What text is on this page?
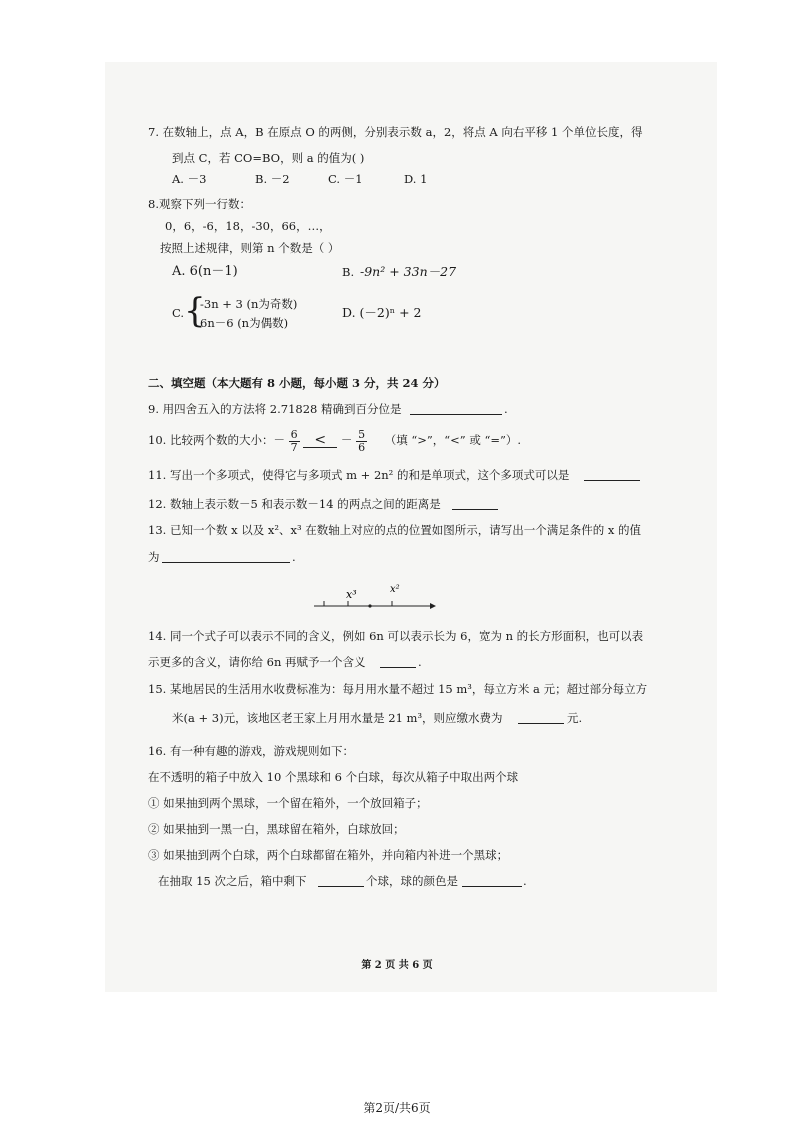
7. 在数轴上，点 A，B 在原点 O 的两侧，分别表示数 a，2，将点 A 向右平移 1 个单位长度，得
到点 C，若 CO=BO，则 a 的值为( )
A. －3	B. －2	C. －1	D. 1
8.观察下列一行数：
0，6，-6，18，-30，66，…，
按照上述规律，则第 n 个数是（ ）
A. 6(n－1)	B. -9n² + 33n－27
C. {
-3n + 3 (n为奇数)
6n－6 (n为偶数)
D. (－2)ⁿ + 2
二、填空题（本大题有 8 小题，每小题 3 分，共 24 分）
9. 用四舍五入的方法将 2.71828 精确到百分位是	.
10. 比较两个数的大小：－ $\frac{6}{7}$ < － $\frac{5}{6}$ （填 “>”，“<” 或 “=”）.
11. 写出一个多项式，使得它与多项式 m + 2n² 的和是单项式，这个多项式可以是
12. 数轴上表示数－5 和表示数－14 的两点之间的距离是
13. 已知一个数 x 以及 x²、x³ 在数轴上对应的点的位置如图所示，请写出一个满足条件的 x 的值
为	.
x³	x²
14. 同一个式子可以表示不同的含义，例如 6n 可以表示长为 6，宽为 n 的长方形面积，也可以表
示更多的含义，请你给 6n 再赋予一个含义	.
15. 某地居民的生活用水收费标准为：每月用水量不超过 15 m³，每立方米 a 元；超过部分每立方
米(a + 3)元，该地区老王家上月用水量是 21 m³，则应缴水费为	元.
16. 有一种有趣的游戏，游戏规则如下：
在不透明的箱子中放入 10 个黑球和 6 个白球，每次从箱子中取出两个球
① 如果抽到两个黑球，一个留在箱外，一个放回箱子；
② 如果抽到一黑一白，黑球留在箱外，白球放回；
③ 如果抽到两个白球，两个白球都留在箱外，并向箱内补进一个黑球；
在抽取 15 次之后，箱中剩下	个球，球的颜色是	.
第 2 页 共 6 页
第2页/共6页
